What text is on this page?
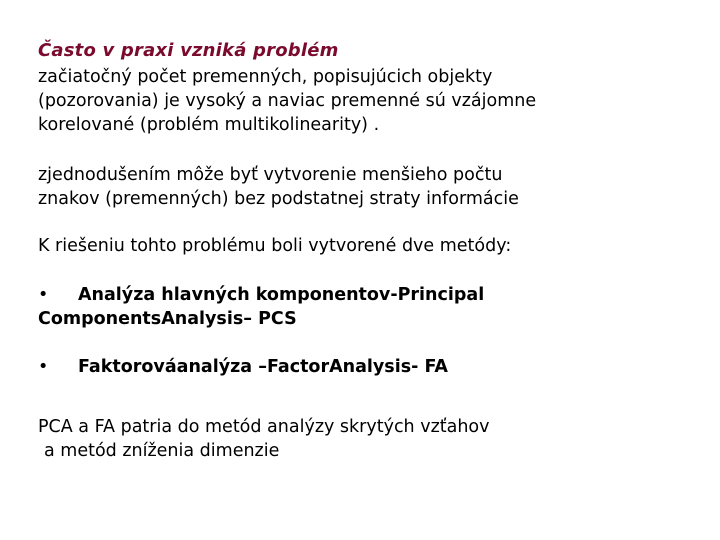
Často v praxi vzniká problém
začiatočný počet premenných, popisujúcich objekty
(pozorovania) je vysoký a naviac premenné sú vzájomne
korelované (problém multikolinearity) .
zjednodušením môže byť vytvorenie menšieho počtu
znakov (premenných) bez podstatnej straty informácie
K riešeniu tohto problému boli vytvorené dve metódy:
• Analýza hlavných komponentov-Principal
ComponentsAnalysis– PCS
• Faktorováanalýza –FactorAnalysis- FA
PCA a FA patria do metód analýzy skrytých vzťahov
a metód zníženia dimenzie
